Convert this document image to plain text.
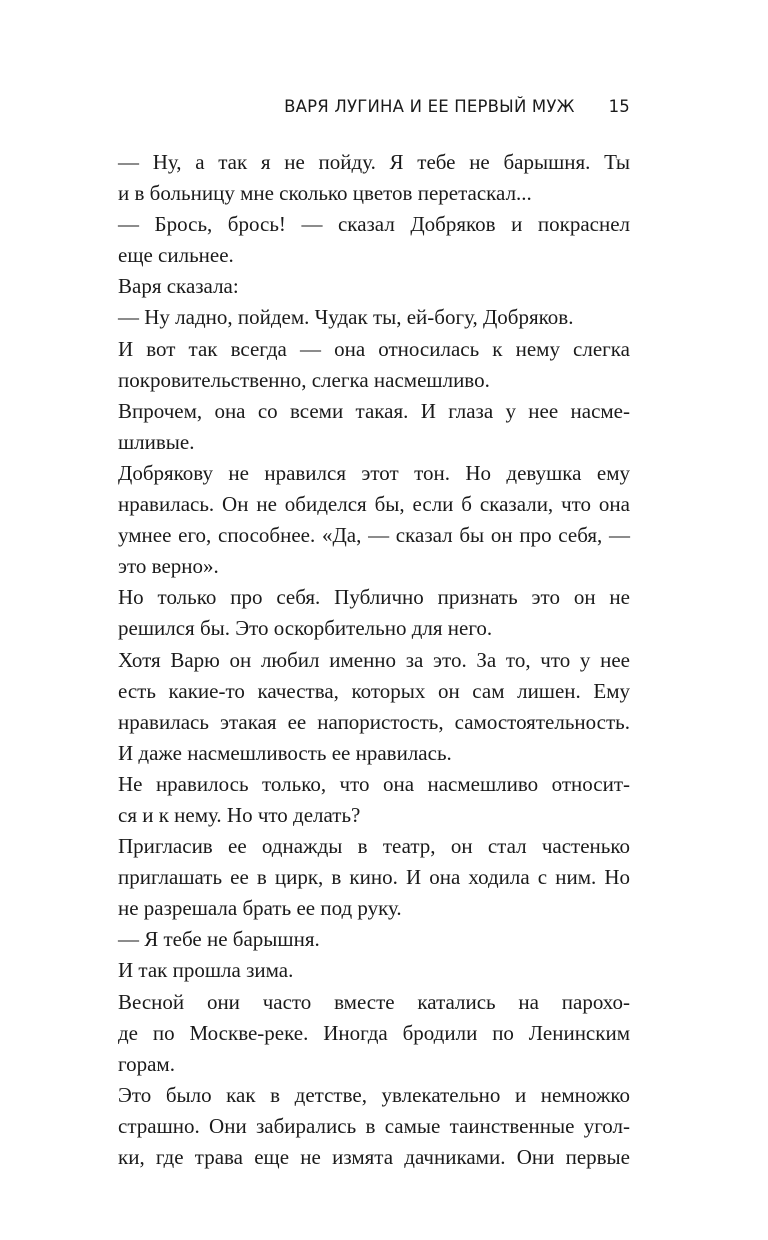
ВАРЯ ЛУГИНА И ЕЕ ПЕРВЫЙ МУЖ 15
— Ну, а так я не пойду. Я тебе не барышня. Ты
и в больницу мне сколько цветов перетаскал...
— Брось, брось! — сказал Добряков и покраснел
еще сильнее.
Варя сказала:
— Ну ладно, пойдем. Чудак ты, ей-богу, Добряков.
И вот так всегда — она относилась к нему слегка
покровительственно, слегка насмешливо.
Впрочем, она со всеми такая. И глаза у нее насме-
шливые.
Добрякову не нравился этот тон. Но девушка ему
нравилась. Он не обиделся бы, если б сказали, что она
умнее его, способнее. «Да, — сказал бы он про себя, —
это верно».
Но только про себя. Публично признать это он не
решился бы. Это оскорбительно для него.
Хотя Варю он любил именно за это. За то, что у нее
есть какие-то качества, которых он сам лишен. Ему
нравилась этакая ее напористость, самостоятельность.
И даже насмешливость ее нравилась.
Не нравилось только, что она насмешливо относит-
ся и к нему. Но что делать?
Пригласив ее однажды в театр, он стал частенько
приглашать ее в цирк, в кино. И она ходила с ним. Но
не разрешала брать ее под руку.
— Я тебе не барышня.
И так прошла зима.
Весной они часто вместе катались на парохо-
де по Москве-реке. Иногда бродили по Ленинским
горам.
Это было как в детстве, увлекательно и немножко
страшно. Они забирались в самые таинственные угол-
ки, где трава еще не измята дачниками. Они первые
